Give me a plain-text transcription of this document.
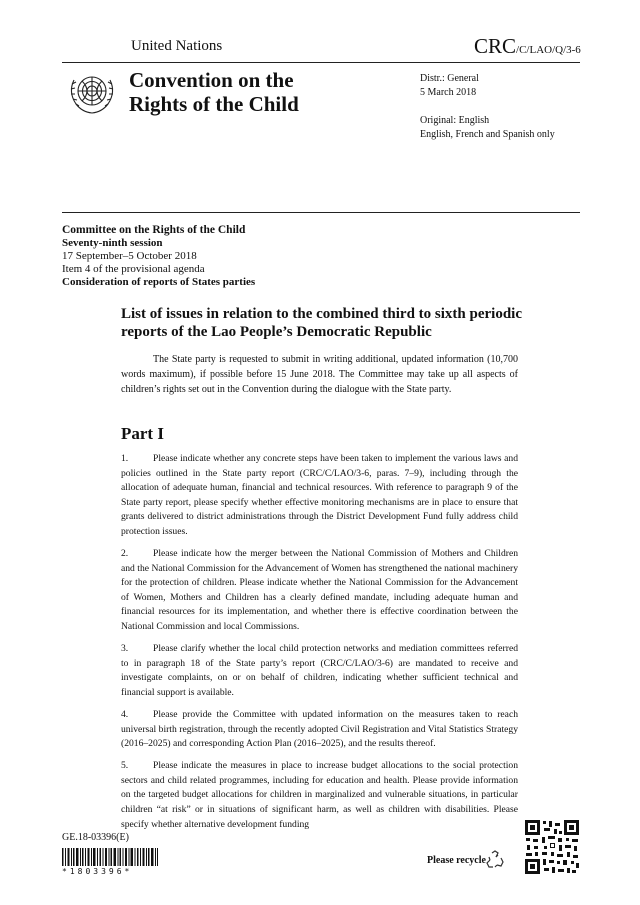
United Nations	CRC/C/LAO/Q/3-6
Convention on the
Rights of the Child
Distr.: General
5 March 2018
Original: English
English, French and Spanish only
Committee on the Rights of the Child
Seventy-ninth session
17 September–5 October 2018
Item 4 of the provisional agenda
Consideration of reports of States parties
List of issues in relation to the combined third to sixth periodic reports of the Lao People’s Democratic Republic

The State party is requested to submit in writing additional, updated information (10,700 words maximum), if possible before 15 June 2018. The Committee may take up all aspects of children’s rights set out in the Convention during the dialogue with the State party.

Part I

1.	Please indicate whether any concrete steps have been taken to implement the various laws and policies outlined in the State party report (CRC/C/LAO/3-6, paras. 7–9), including through the allocation of adequate human, financial and technical resources. With reference to paragraph 9 of the State party report, please specify whether effective monitoring mechanisms are in place to ensure that grants delivered to district administrations through the District Development Fund fully address child protection issues.

2.	Please indicate how the merger between the National Commission of Mothers and Children and the National Commission for the Advancement of Women has strengthened the national machinery for the protection of children. Please indicate whether the National Commission for the Advancement of Women, Mothers and Children has a clearly defined mandate, including adequate human and financial resources for its implementation, and whether there is effective coordination between the National Commission and local Commissions.

3.	Please clarify whether the local child protection networks and mediation committees referred to in paragraph 18 of the State party’s report (CRC/C/LAO/3-6) are mandated to receive and investigate complaints, on or on behalf of children, indicating whether sufficient technical and financial support is available.

4.	Please provide the Committee with updated information on the measures taken to reach universal birth registration, through the recently adopted Civil Registration and Vital Statistics Strategy (2016–2025) and corresponding Action Plan (2016–2025), and the results thereof.

5.	Please indicate the measures in place to increase budget allocations to the social protection sectors and child related programmes, including for education and health. Please provide information on the targeted budget allocations for children in marginalized and vulnerable situations, in particular children “at risk” or in situations of significant harm, as well as children with disabilities. Please specify whether alternative development funding

GE.18-03396(E)
*1803396*
Please recycle
